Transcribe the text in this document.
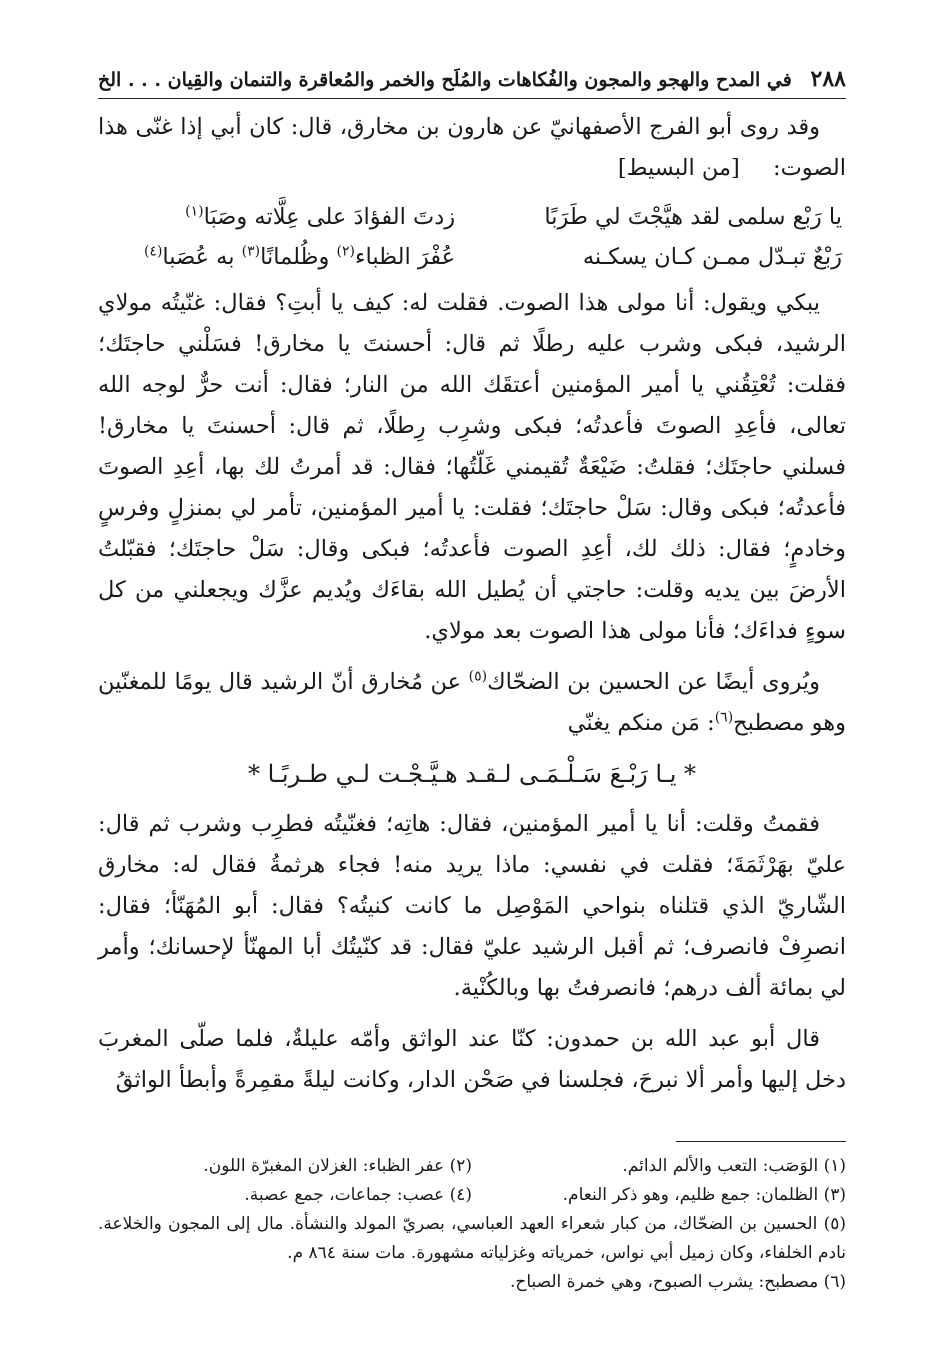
٢٨٨
في المدح والهجو والمجون والفُكاهات والمُلَح والخمر والمُعاقرة والتنمان والقِيان . . . الخ

وقد روى أبو الفرج الأصفهانيّ عن هارون بن مخارق، قال: كان أبي إذا غنّى هذا الصوت: [من البسيط]

يا رَبْع سلمى لقد هيَّجْتَ لي طَرَبًا
زدتَ الفؤادَ على عِلَّاته وصَبَا$^{(١)}$
رَبْعٌ تبـدّل ممـن كـان يسكـنه
عُفْرَ الظباء$^{(٢)}$ وظُلمانًا$^{(٣)}$ به عُصَبا$^{(٤)}$

يبكي ويقول: أنا مولى هذا الصوت. فقلت له: كيف يا أبتِ؟ فقال: غنّيتُه مولاي الرشيد، فبكى وشرب عليه رطلًا ثم قال: أحسنتَ يا مخارق! فسَلْني حاجتَك؛ فقلت: تُعْتِقُني يا أمير المؤمنين أعتقَك الله من النار؛ فقال: أنت حرٌّ لوجه الله تعالى، فأعِدِ الصوتَ فأعدتُه؛ فبكى وشرِب رِطلًا، ثم قال: أحسنتَ يا مخارق! فسلني حاجتَك؛ فقلتُ: ضَيْعَةٌ تُقيمني غَلّتُها؛ فقال: قد أمرتُ لك بها، أعِدِ الصوتَ فأعدتُه؛ فبكى وقال: سَلْ حاجتَك؛ فقلت: يا أمير المؤمنين، تأمر لي بمنزلٍ وفرسٍ وخادمٍ؛ فقال: ذلك لك، أعِدِ الصوت فأعدتُه؛ فبكى وقال: سَلْ حاجتَك؛ فقبّلتُ الأرضَ بين يديه وقلت: حاجتي أن يُطيل الله بقاءَك ويُديم عزَّك ويجعلني من كل سوءٍ فداءَك؛ فأنا مولى هذا الصوت بعد مولاي.

ويُروى أيضًا عن الحسين بن الضحّاك$^{(٥)}$ عن مُخارق أنّ الرشيد قال يومًا للمغنّين وهو مصطبح$^{(٦)}$: مَن منكم يغنّي

* يـا رَبْـعَ سَـلْـمَـى لـقـد هـيَّـجْـت لـي طـربًـا *

فقمتُ وقلت: أنا يا أمير المؤمنين، فقال: هاتِه؛ فغنّيتُه فطرِب وشرب ثم قال: عليّ بهَرْثَمَةَ؛ فقلت في نفسي: ماذا يريد منه! فجاء هرثمةُ فقال له: مخارق الشّاريّ الذي قتلناه بنواحي المَوْصِل ما كانت كنيتُه؟ فقال: أبو المُهَنّأ؛ فقال: انصرِفْ فانصرف؛ ثم أقبل الرشيد عليّ فقال: قد كنّيتُك أبا المهنّأ لإحسانك؛ وأمر لي بمائة ألف درهم؛ فانصرفتُ بها وبالكُنْية.

قال أبو عبد الله بن حمدون: كنّا عند الواثق وأمّه عليلةٌ، فلما صلّى المغربَ دخل إليها وأمر ألا نبرحَ، فجلسنا في صَحْن الدار، وكانت ليلةً مقمِرةً وأبطأ الواثقُ

(١) الوَصَب: التعب والألم الدائم.
(٢) عفر الظباء: الغزلان المغبرّة اللون.
(٣) الظلمان: جمع ظليم، وهو ذكر النعام.
(٤) عصب: جماعات، جمع عصبة.
(٥) الحسين بن الضحّاك، من كبار شعراء العهد العباسي، بصريّ المولد والنشأة. مال إلى المجون والخلاعة. نادم الخلفاء، وكان زميل أبي نواس، خمرياته وغزلياته مشهورة. مات سنة ٨٦٤ م.
(٦) مصطبح: يشرب الصبوح، وهي خمرة الصباح.
